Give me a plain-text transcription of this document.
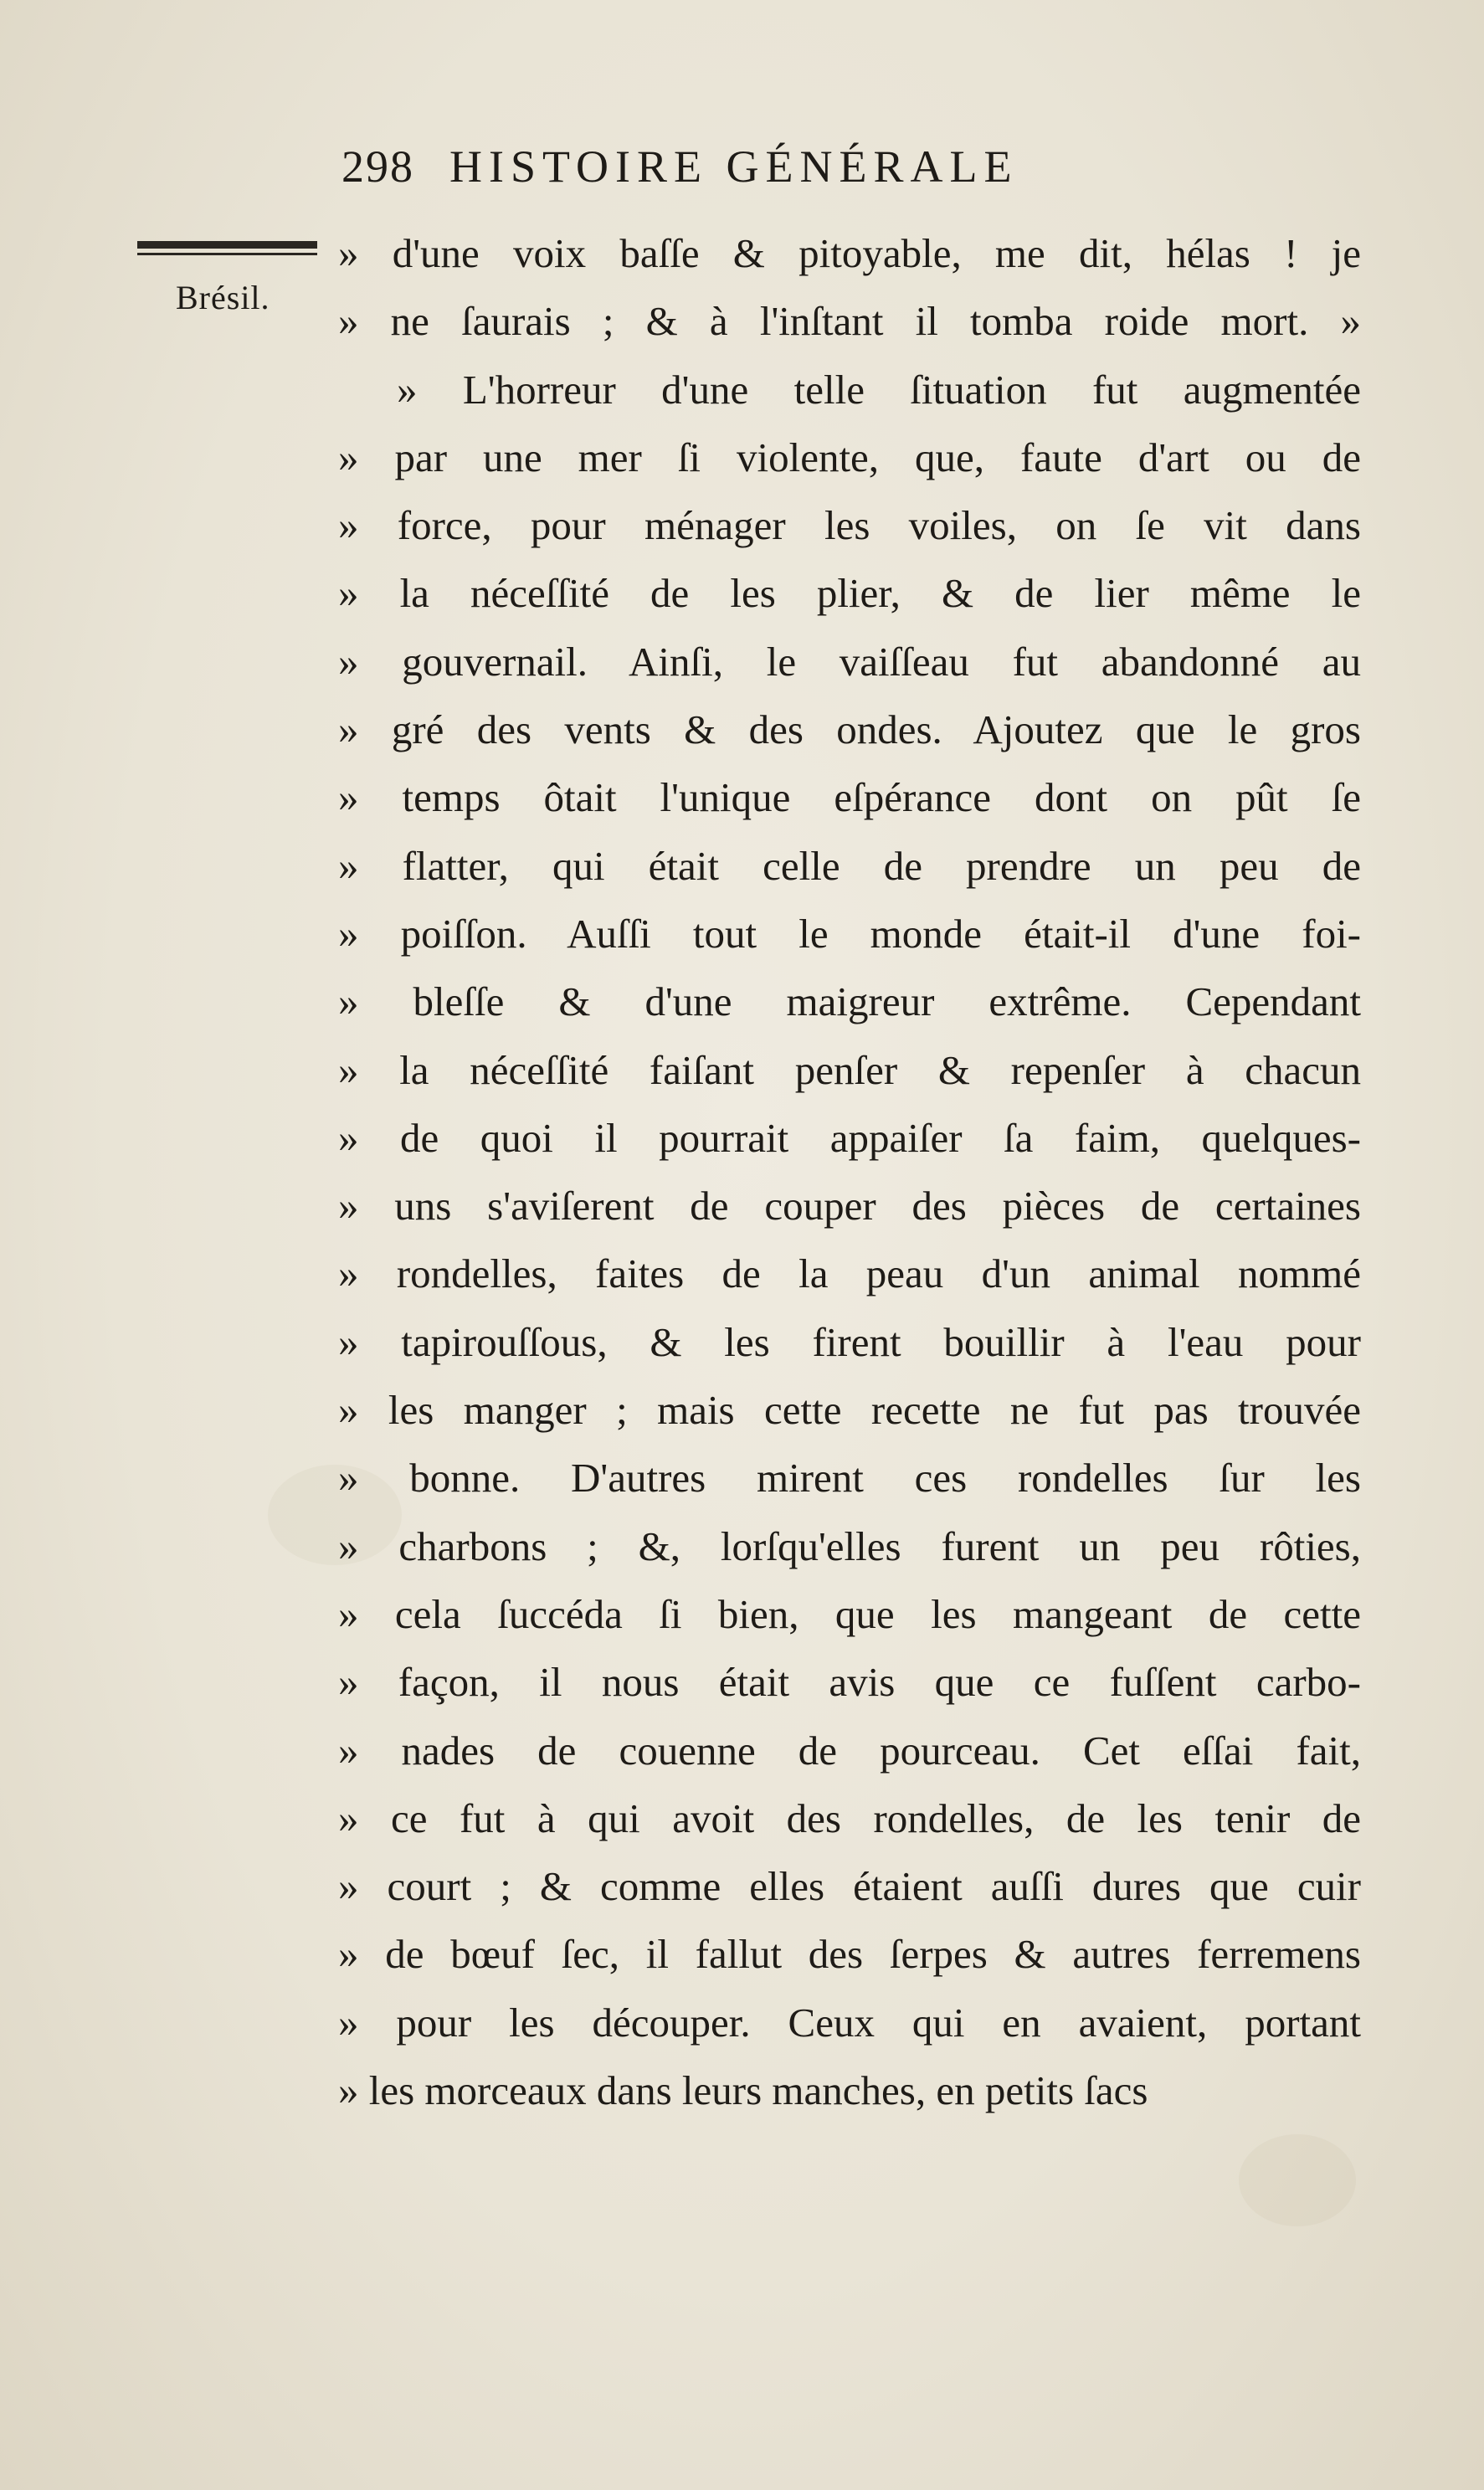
298 HISTOIRE GÉNÉRALE
Brésil.
» d'une voix baſſe & pitoyable, me dit, hélas ! je
» ne ſaurais ; & à l'inſtant il tomba roide mort. »
» L'horreur d'une telle ſituation fut augmentée
» par une mer ſi violente, que, faute d'art ou de
» force, pour ménager les voiles, on ſe vit dans
» la néceſſité de les plier, & de lier même le
» gouvernail. Ainſi, le vaiſſeau fut abandonné au
» gré des vents & des ondes. Ajoutez que le gros
» temps ôtait l'unique eſpérance dont on pût ſe
» flatter, qui était celle de prendre un peu de
» poiſſon. Auſſi tout le monde était-il d'une foi-
» bleſſe & d'une maigreur extrême. Cependant
» la néceſſité faiſant penſer & repenſer à chacun
» de quoi il pourrait appaiſer ſa faim, quelques-
» uns s'aviſerent de couper des pièces de certaines
» rondelles, faites de la peau d'un animal nommé
» tapirouſſous, & les firent bouillir à l'eau pour
» les manger ; mais cette recette ne fut pas trouvée
» bonne. D'autres mirent ces rondelles ſur les
» charbons ; &, lorſqu'elles furent un peu rôties,
» cela ſuccéda ſi bien, que les mangeant de cette
» façon, il nous était avis que ce fuſſent carbo-
» nades de couenne de pourceau. Cet eſſai fait,
» ce fut à qui avoit des rondelles, de les tenir de
» court ; & comme elles étaient auſſi dures que cuir
» de bœuf ſec, il fallut des ſerpes & autres ferremens
» pour les découper. Ceux qui en avaient, portant
» les morceaux dans leurs manches, en petits ſacs
